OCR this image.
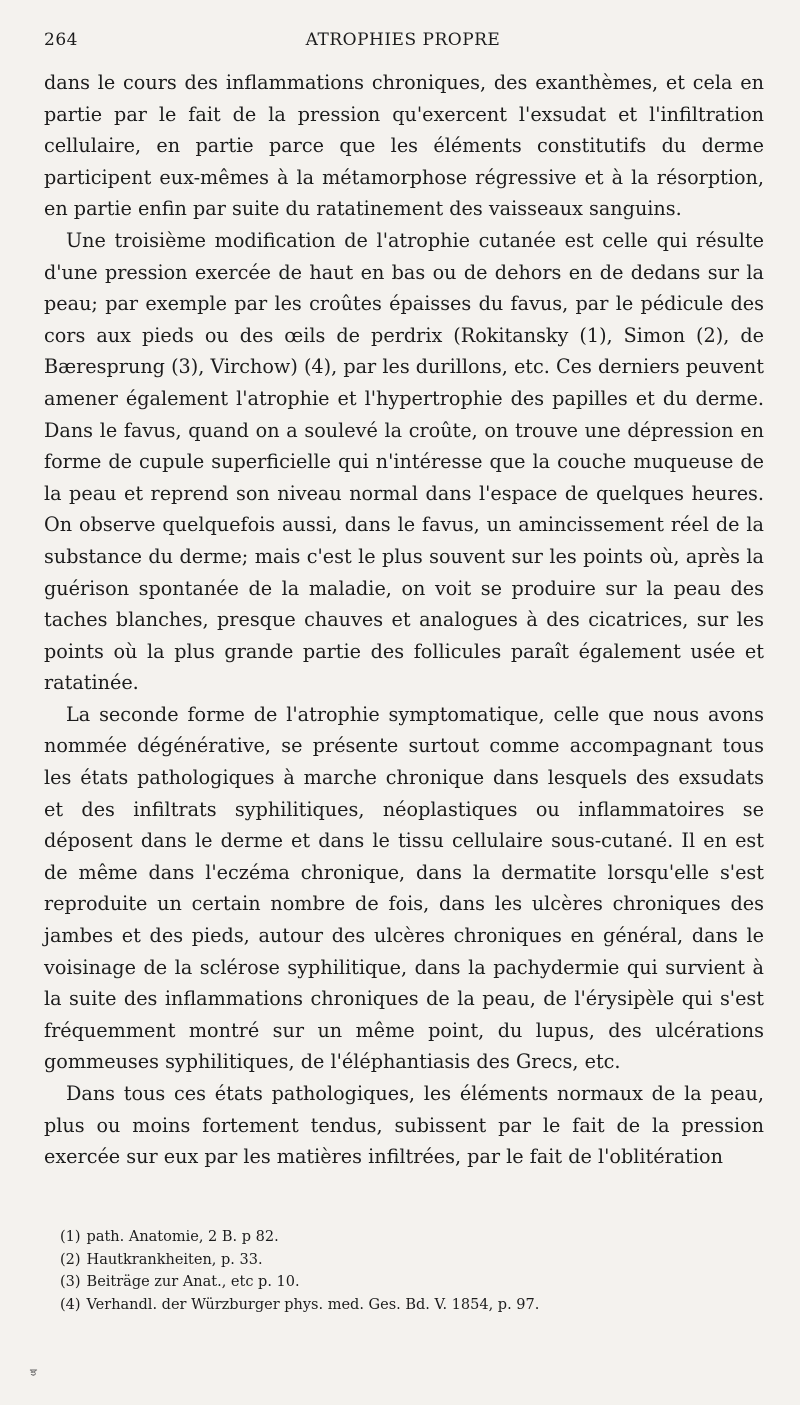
264	ATROPHIES PROPRE

dans le cours des inflammations chroniques, des exanthèmes, et cela en partie par le fait de la pression qu'exercent l'exsudat et l'infiltration cellulaire, en partie parce que les éléments constitutifs du derme participent eux-mêmes à la métamorphose régressive et à la résorption, en partie enfin par suite du ratatinement des vaisseaux sanguins.

Une troisième modification de l'atrophie cutanée est celle qui résulte d'une pression exercée de haut en bas ou de dehors en de dedans sur la peau; par exemple par les croûtes épaisses du favus, par le pédicule des cors aux pieds ou des œils de perdrix (Rokitansky (1), Simon (2), de Bæresprung (3), Virchow) (4), par les durillons, etc. Ces derniers peuvent amener également l'atrophie et l'hypertrophie des papilles et du derme. Dans le favus, quand on a soulevé la croûte, on trouve une dépression en forme de cupule superficielle qui n'intéresse que la couche muqueuse de la peau et reprend son niveau normal dans l'espace de quelques heures. On observe quelquefois aussi, dans le favus, un amincissement réel de la substance du derme; mais c'est le plus souvent sur les points où, après la guérison spontanée de la maladie, on voit se produire sur la peau des taches blanches, presque chauves et analogues à des cicatrices, sur les points où la plus grande partie des follicules paraît également usée et ratatinée.

La seconde forme de l'atrophie symptomatique, celle que nous avons nommée dégénérative, se présente surtout comme accompagnant tous les états pathologiques à marche chronique dans lesquels des exsudats et des infiltrats syphilitiques, néoplastiques ou inflammatoires se déposent dans le derme et dans le tissu cellulaire sous-cutané. Il en est de même dans l'eczéma chronique, dans la dermatite lorsqu'elle s'est reproduite un certain nombre de fois, dans les ulcères chroniques des jambes et des pieds, autour des ulcères chroniques en général, dans le voisinage de la sclérose syphilitique, dans la pachydermie qui survient à la suite des inflammations chroniques de la peau, de l'érysipèle qui s'est fréquemment montré sur un même point, du lupus, des ulcérations gommeuses syphilitiques, de l'éléphantiasis des Grecs, etc.

Dans tous ces états pathologiques, les éléments normaux de la peau, plus ou moins fortement tendus, subissent par le fait de la pression exercée sur eux par les matières infiltrées, par le fait de l'oblitération

(1) path. Anatomie, 2 B. p 82.
(2) Hautkrankheiten, p. 33.
(3) Beiträge zur Anat., etc p. 10.
(4) Verhandl. der Würzburger phys. med. Ges. Bd. V. 1854, p. 97.
ਝ
